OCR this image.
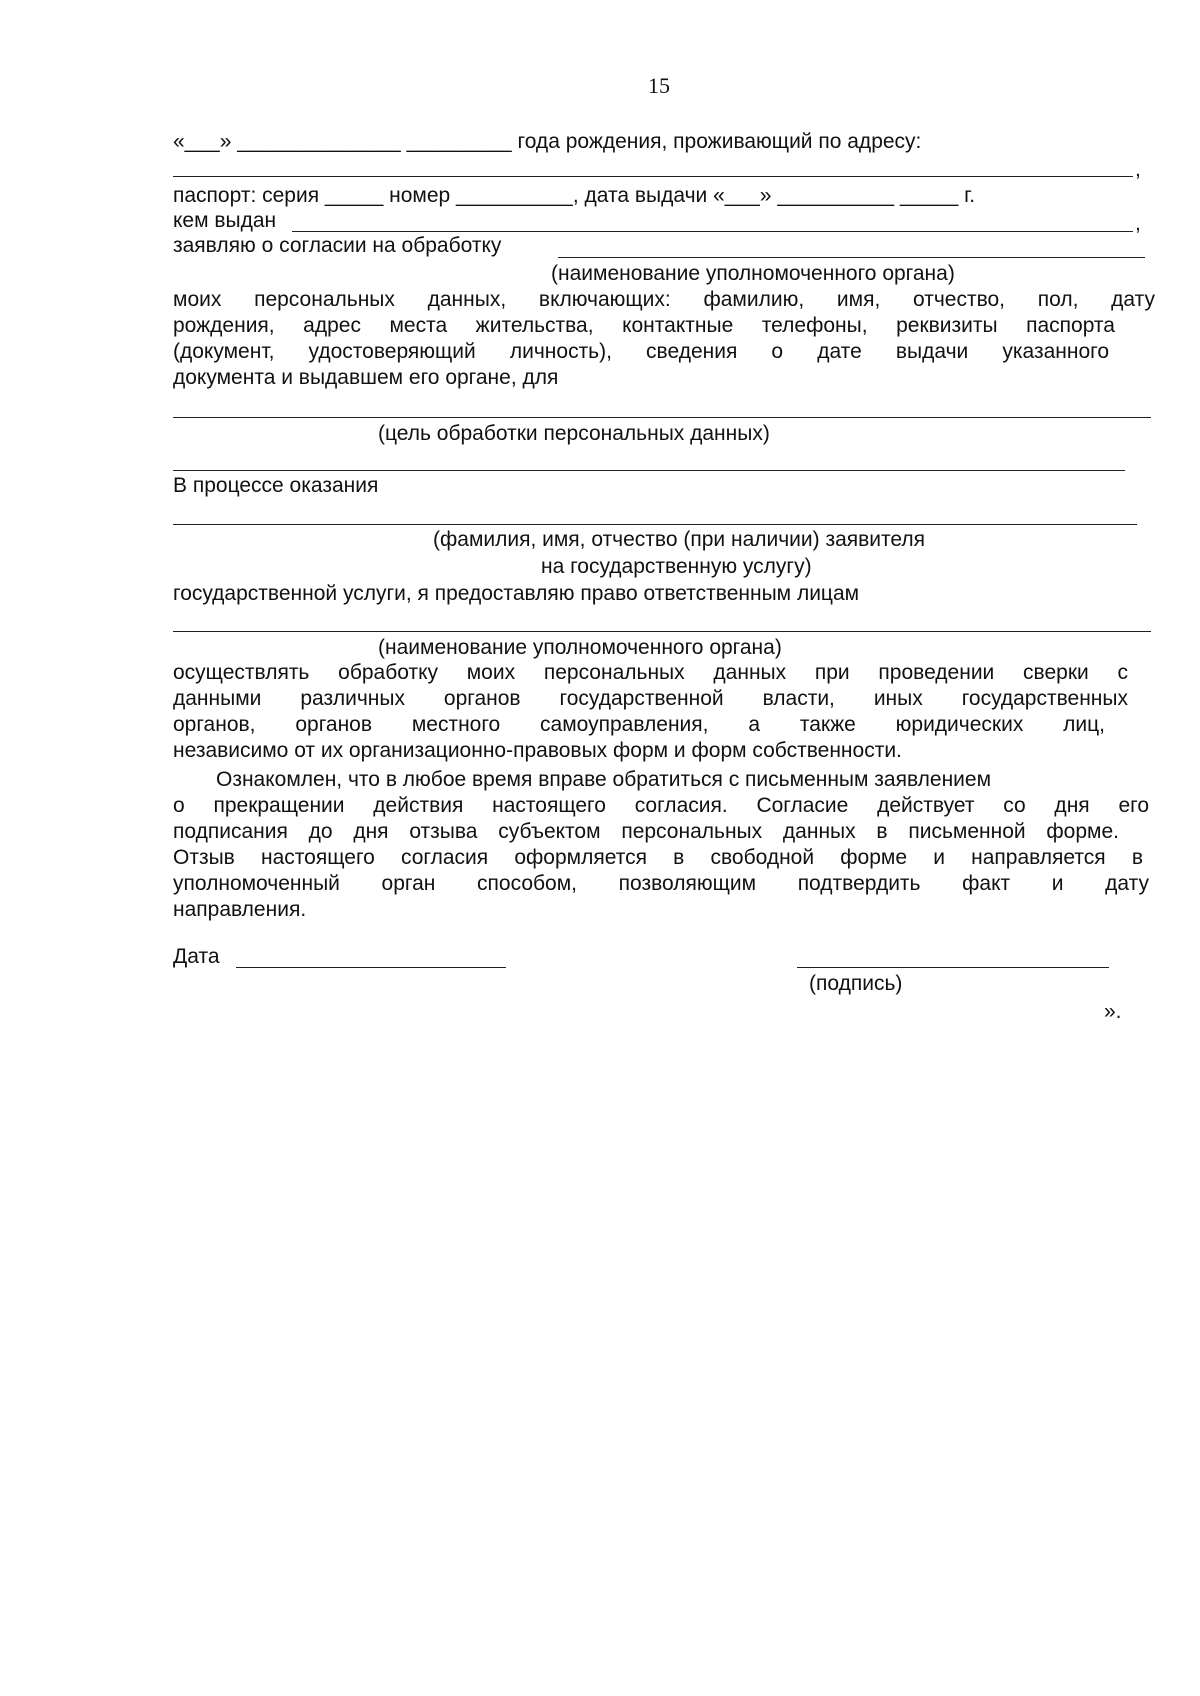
15
«___» ______________ _________ года рождения, проживающий по адресу:
,
паспорт: серия _____ номер __________, дата выдачи «___» __________ _____ г.
кем выдан	,
заявляю о согласии на обработку
(наименование уполномоченного органа)
моих персональных данных, включающих: фамилию, имя, отчество, пол, дату
рождения, адрес места жительства, контактные телефоны, реквизиты паспорта
(документ, удостоверяющий личность), сведения о дате выдачи указанного
документа и выдавшем его органе, для
(цель обработки персональных данных)
В процессе оказания
(фамилия, имя, отчество (при наличии) заявителя
на государственную услугу)
государственной услуги, я предоставляю право ответственным лицам
(наименование уполномоченного органа)
осуществлять обработку моих персональных данных при проведении сверки с
данными различных органов государственной власти, иных государственных
органов, органов местного самоуправления, а также юридических лиц,
независимо от их организационно-правовых форм и форм собственности.
Ознакомлен, что в любое время вправе обратиться с письменным заявлением
о прекращении действия настоящего согласия. Согласие действует со дня его
подписания до дня отзыва субъектом персональных данных в письменной форме.
Отзыв настоящего согласия оформляется в свободной форме и направляется в
уполномоченный орган способом, позволяющим подтвердить факт и дату
направления.
Дата
(подпись)
».
